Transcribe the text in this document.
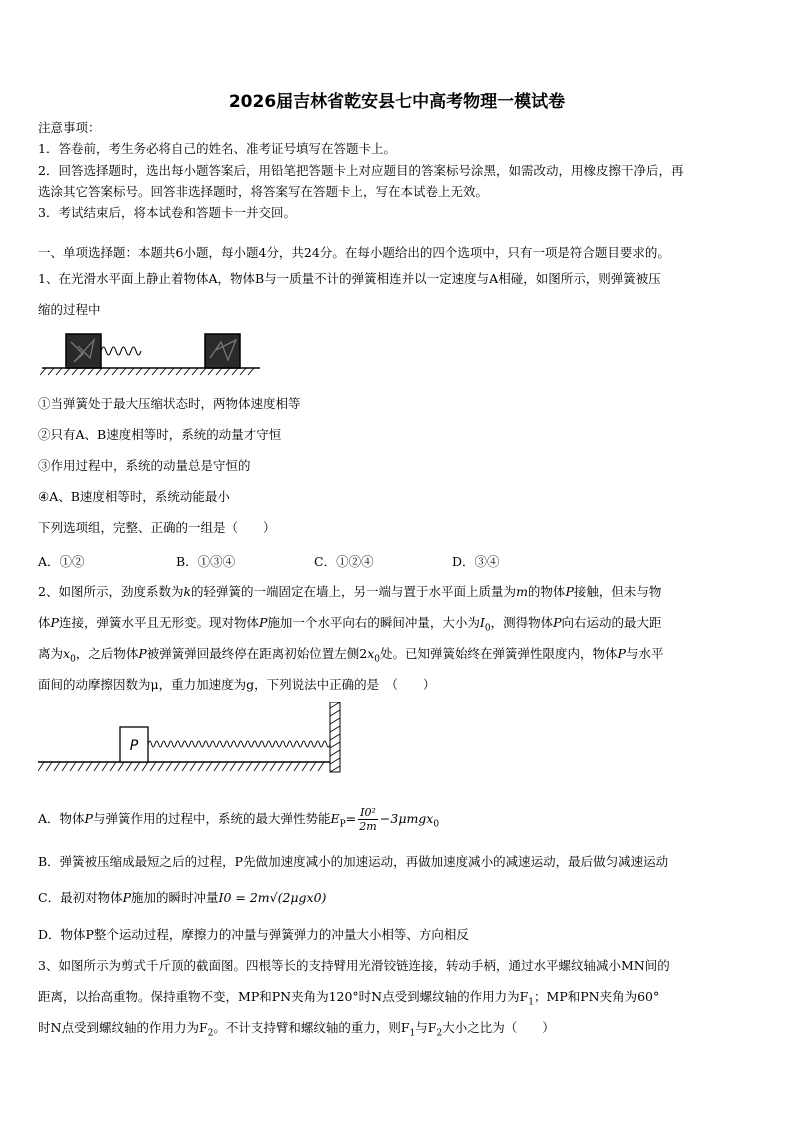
2026届吉林省乾安县七中高考物理一模试卷
注意事项：
1．答卷前，考生务必将自己的姓名、准考证号填写在答题卡上。
2．回答选择题时，选出每小题答案后，用铅笔把答题卡上对应题目的答案标号涂黑，如需改动，用橡皮擦干净后，再
选涂其它答案标号。回答非选择题时，将答案写在答题卡上，写在本试卷上无效。
3．考试结束后，将本试卷和答题卡一并交回。
一、单项选择题：本题共6小题，每小题4分，共24分。在每小题给出的四个选项中，只有一项是符合题目要求的。
1、在光滑水平面上静止着物体A，物体B与一质量不计的弹簧相连并以一定速度与A相碰，如图所示，则弹簧被压
缩的过程中
①当弹簧处于最大压缩状态时，两物体速度相等
②只有A、B速度相等时，系统的动量才守恒
③作用过程中，系统的动量总是守恒的
④A、B速度相等时，系统动能最小
下列选项组，完整、正确的一组是（　　）
A．①②	B．①③④	C．①②④	D．③④
2、如图所示，劲度系数为k的轻弹簧的一端固定在墙上，另一端与置于水平面上质量为m的物体P接触，但未与物
体P连接，弹簧水平且无形变。现对物体P施加一个水平向右的瞬间冲量，大小为$I_0$，测得物体P向右运动的最大距
离为$x_0$，之后物体P被弹簧弹回最终停在距离初始位置左侧$2x_0$处。已知弹簧始终在弹簧弹性限度内，物体P与水平
面间的动摩擦因数为μ，重力加速度为g，下列说法中正确的是　（　　）
P
A．物体P与弹簧作用的过程中，系统的最大弹性势能$E_P= \frac{\text{I0²}}{2m} -3\mu mgx_0$
B．弹簧被压缩成最短之后的过程，P先做加速度减小的加速运动，再做加速度减小的减速运动，最后做匀减速运动
C．最初对物体P施加的瞬时冲量I0 = 2m√(2μgx0)
D．物体P整个运动过程，摩擦力的冲量与弹簧弹力的冲量大小相等、方向相反
3、如图所示为剪式千斤顶的截面图。四根等长的支持臂用光滑铰链连接，转动手柄，通过水平螺纹轴减小MN间的
距离，以抬高重物。保持重物不变，MP和PN夹角为120°时N点受到螺纹轴的作用力为$F_1$；MP和PN夹角为60°
时N点受到螺纹轴的作用力为$F_2$。不计支持臂和螺纹轴的重力，则$F_1$与$F_2$大小之比为（　　）
